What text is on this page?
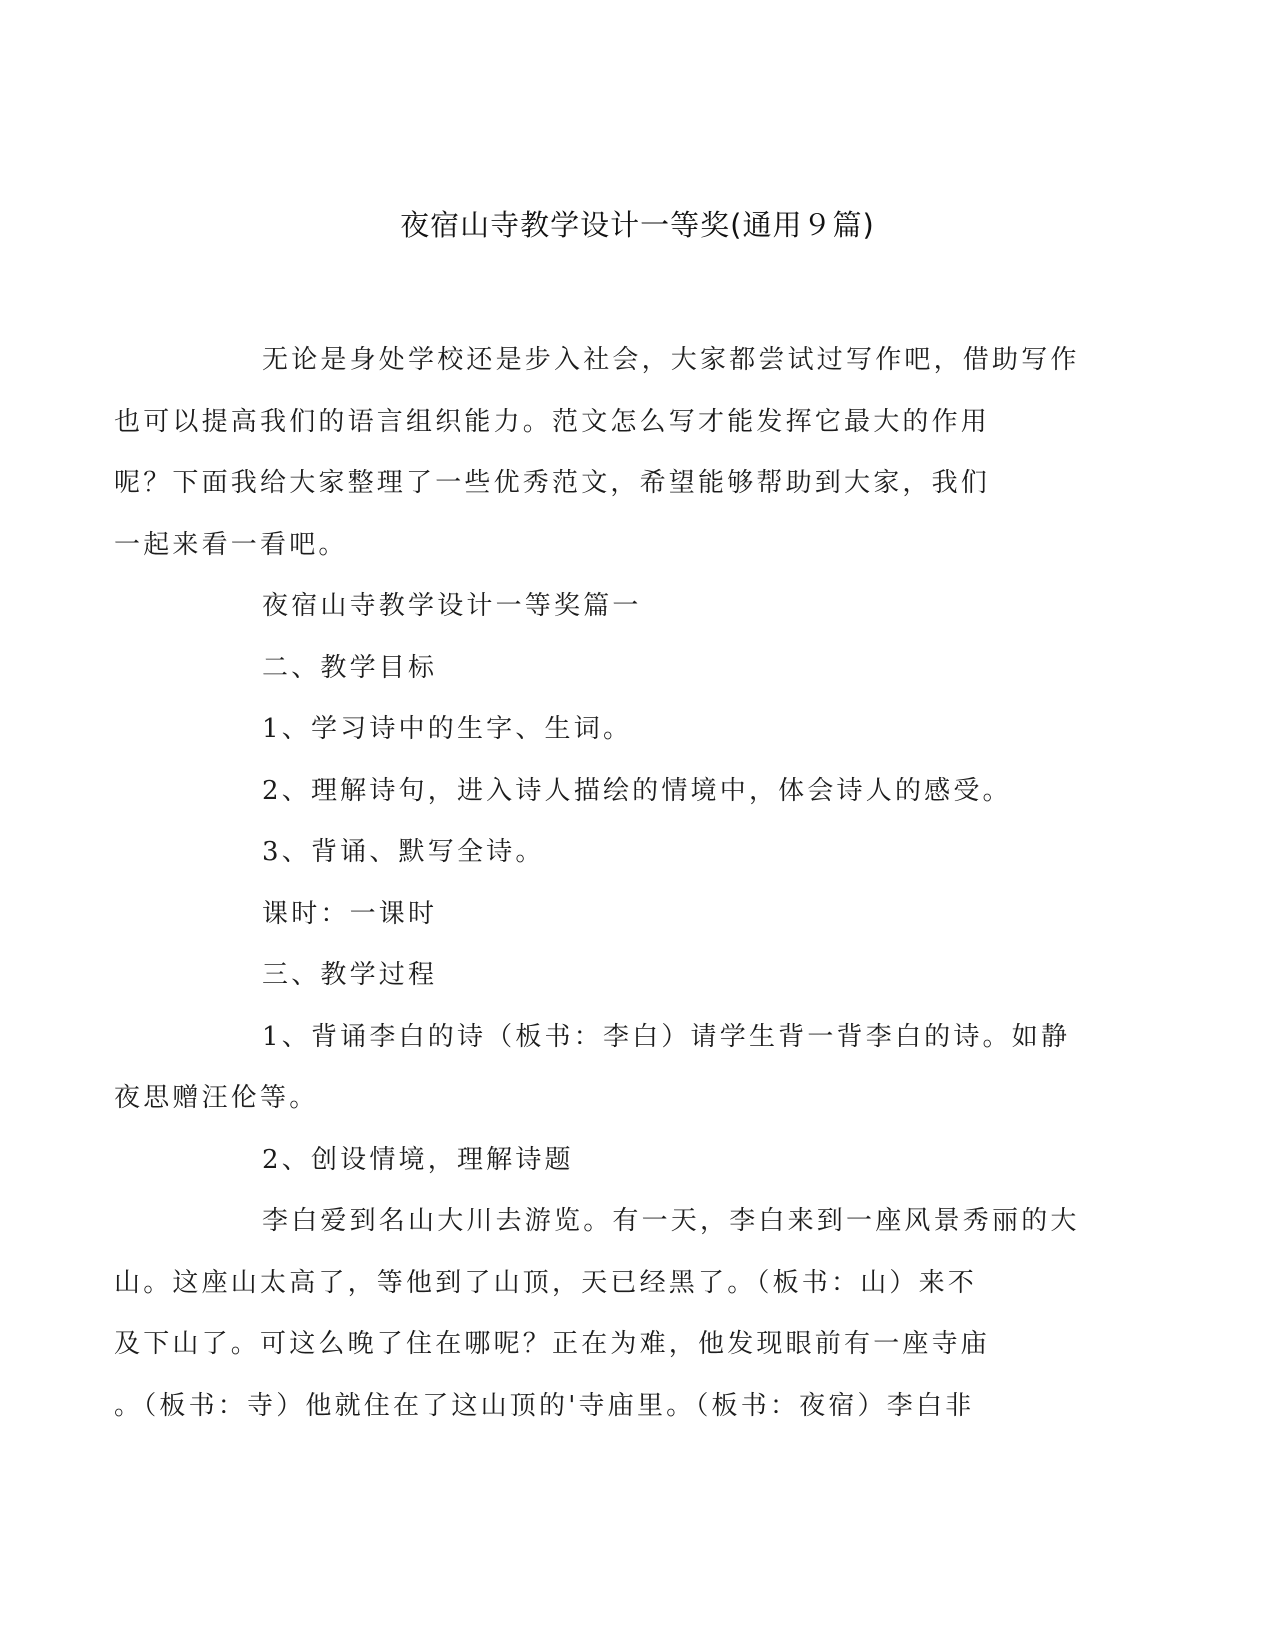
夜宿山寺教学设计一等奖(通用９篇)

无论是身处学校还是步入社会，大家都尝试过写作吧，借助写作
也可以提高我们的语言组织能力。范文怎么写才能发挥它最大的作用
呢？下面我给大家整理了一些优秀范文，希望能够帮助到大家，我们
一起来看一看吧。

夜宿山寺教学设计一等奖篇一

二、教学目标

1、学习诗中的生字、生词。

2、理解诗句，进入诗人描绘的情境中，体会诗人的感受。

3、背诵、默写全诗。

课时：一课时

三、教学过程

1、背诵李白的诗（板书：李白）请学生背一背李白的诗。如静
夜思赠汪伦等。

2、创设情境，理解诗题

李白爱到名山大川去游览。有一天，李白来到一座风景秀丽的大
山。这座山太高了，等他到了山顶，天已经黑了。（板书：山）来不
及下山了。可这么晚了住在哪呢？正在为难，他发现眼前有一座寺庙
。（板书：寺）他就住在了这山顶的'寺庙里。（板书：夜宿）李白非
